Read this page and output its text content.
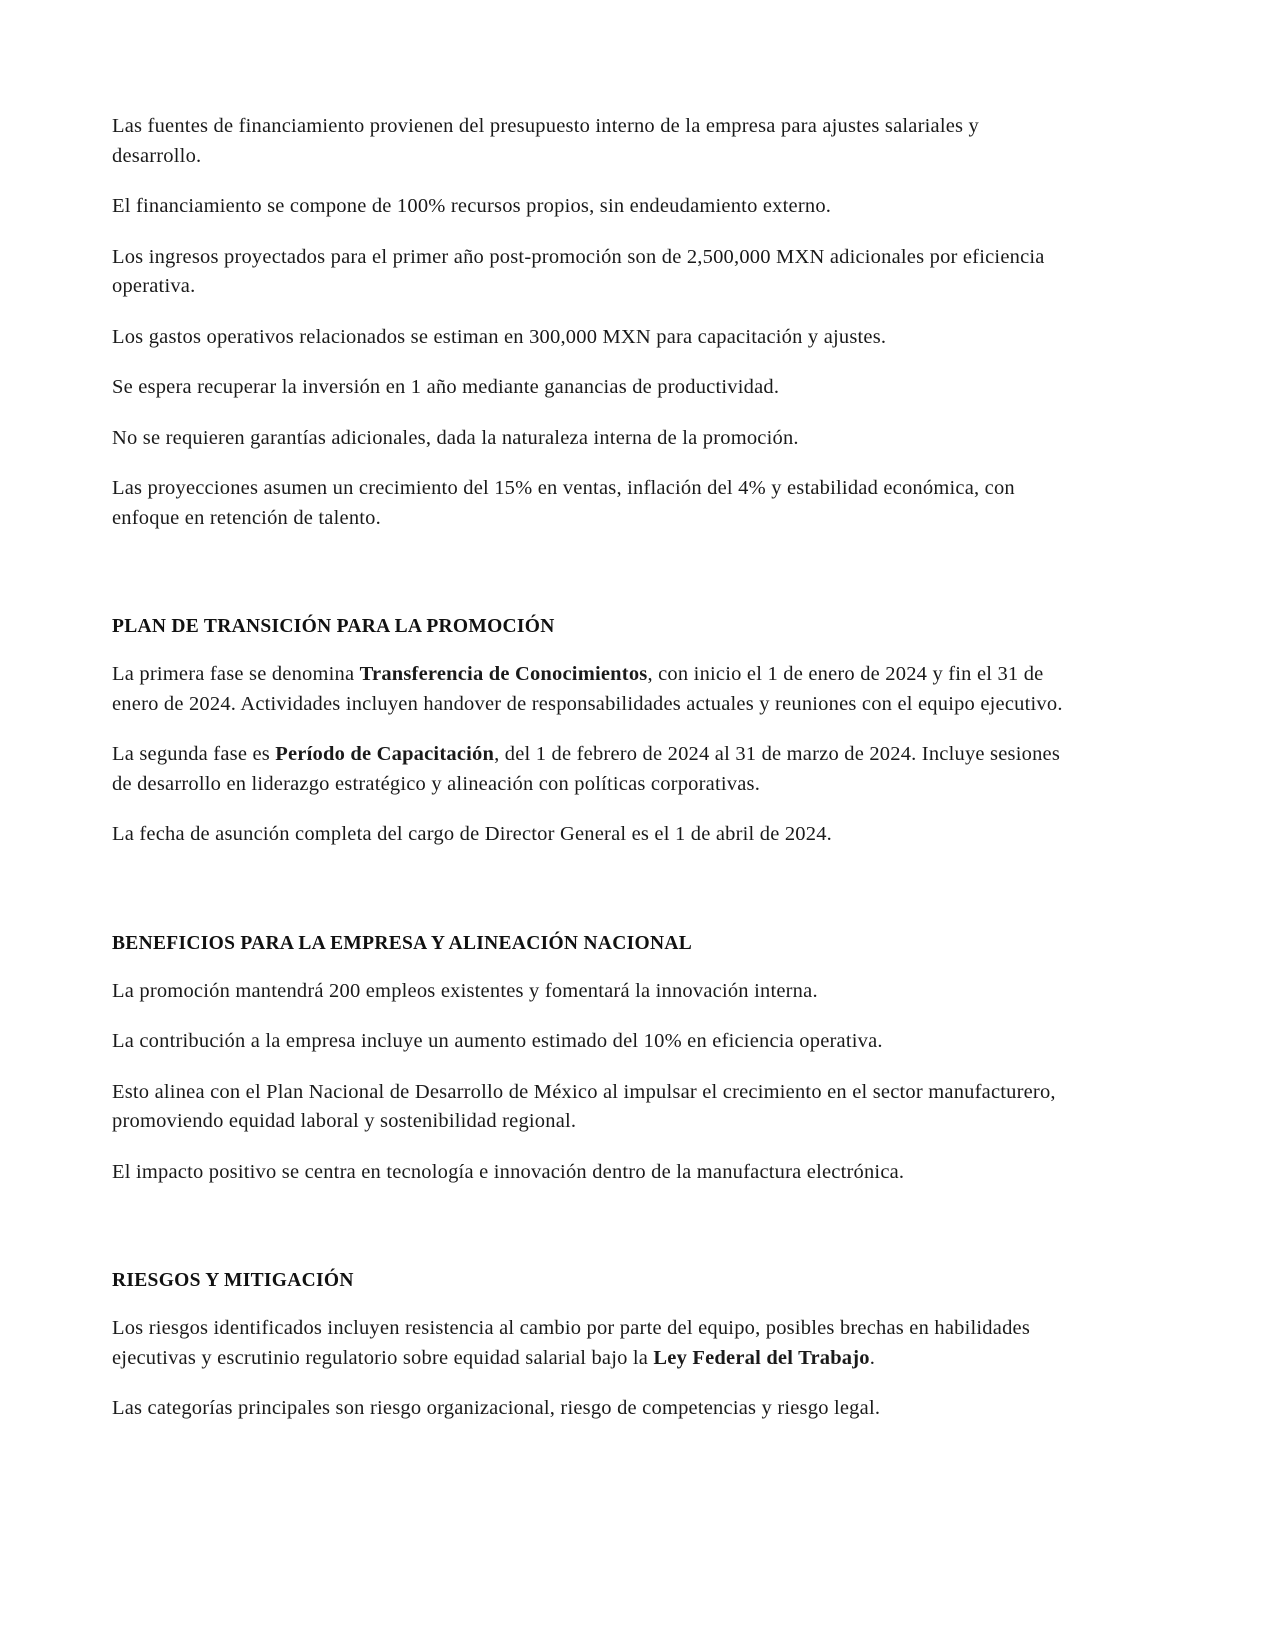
Las fuentes de financiamiento provienen del presupuesto interno de la empresa para ajustes salariales y desarrollo.

El financiamiento se compone de 100% recursos propios, sin endeudamiento externo.

Los ingresos proyectados para el primer año post-promoción son de 2,500,000 MXN adicionales por eficiencia operativa.

Los gastos operativos relacionados se estiman en 300,000 MXN para capacitación y ajustes.

Se espera recuperar la inversión en 1 año mediante ganancias de productividad.

No se requieren garantías adicionales, dada la naturaleza interna de la promoción.

Las proyecciones asumen un crecimiento del 15% en ventas, inflación del 4% y estabilidad económica, con enfoque en retención de talento.

PLAN DE TRANSICIÓN PARA LA PROMOCIÓN

La primera fase se denomina Transferencia de Conocimientos, con inicio el 1 de enero de 2024 y fin el 31 de enero de 2024. Actividades incluyen handover de responsabilidades actuales y reuniones con el equipo ejecutivo.

La segunda fase es Período de Capacitación, del 1 de febrero de 2024 al 31 de marzo de 2024. Incluye sesiones de desarrollo en liderazgo estratégico y alineación con políticas corporativas.

La fecha de asunción completa del cargo de Director General es el 1 de abril de 2024.

BENEFICIOS PARA LA EMPRESA Y ALINEACIÓN NACIONAL

La promoción mantendrá 200 empleos existentes y fomentará la innovación interna.

La contribución a la empresa incluye un aumento estimado del 10% en eficiencia operativa.

Esto alinea con el Plan Nacional de Desarrollo de México al impulsar el crecimiento en el sector manufacturero, promoviendo equidad laboral y sostenibilidad regional.

El impacto positivo se centra en tecnología e innovación dentro de la manufactura electrónica.

RIESGOS Y MITIGACIÓN

Los riesgos identificados incluyen resistencia al cambio por parte del equipo, posibles brechas en habilidades ejecutivas y escrutinio regulatorio sobre equidad salarial bajo la Ley Federal del Trabajo.

Las categorías principales son riesgo organizacional, riesgo de competencias y riesgo legal.
